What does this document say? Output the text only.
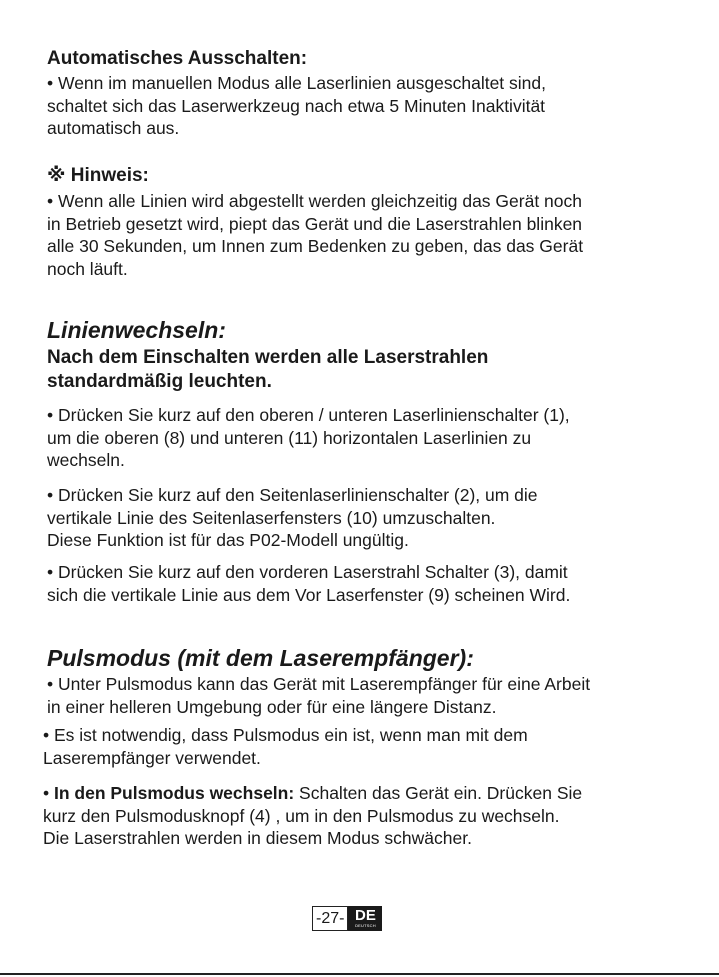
Automatisches Ausschalten:

• Wenn im manuellen Modus alle Laserlinien ausgeschaltet sind,
schaltet sich das Laserwerkzeug nach etwa 5 Minuten Inaktivität
automatisch aus.

※ Hinweis:

• Wenn alle Linien wird abgestellt werden gleichzeitig das Gerät noch
in Betrieb gesetzt wird, piept das Gerät und die Laserstrahlen blinken
alle 30 Sekunden, um Innen zum Bedenken zu geben, das das Gerät
noch läuft.

Linienwechseln:

Nach dem Einschalten werden alle Laserstrahlen
standardmäßig leuchten.

• Drücken Sie kurz auf den oberen / unteren Laserlinienschalter (1),
um die oberen (8) und unteren (11) horizontalen Laserlinien zu
wechseln.

• Drücken Sie kurz auf den Seitenlaserlinienschalter (2), um die
vertikale Linie des Seitenlaserfensters (10) umzuschalten.
Diese Funktion ist für das P02-Modell ungültig.

• Drücken Sie kurz auf den vorderen Laserstrahl Schalter (3), damit
sich die vertikale Linie aus dem Vor Laserfenster (9) scheinen Wird.

Pulsmodus (mit dem Laserempfänger):

• Unter Pulsmodus kann das Gerät mit Laserempfänger für eine Arbeit
in einer helleren Umgebung oder für eine längere Distanz.

• Es ist notwendig, dass Pulsmodus ein ist, wenn man mit dem
Laserempfänger verwendet.

• In den Pulsmodus wechseln: Schalten das Gerät ein. Drücken Sie
kurz den Pulsmodusknopf (4) , um in den Pulsmodus zu wechseln.
Die Laserstrahlen werden in diesem Modus schwächer.

-27- DE
DEUTSCH
